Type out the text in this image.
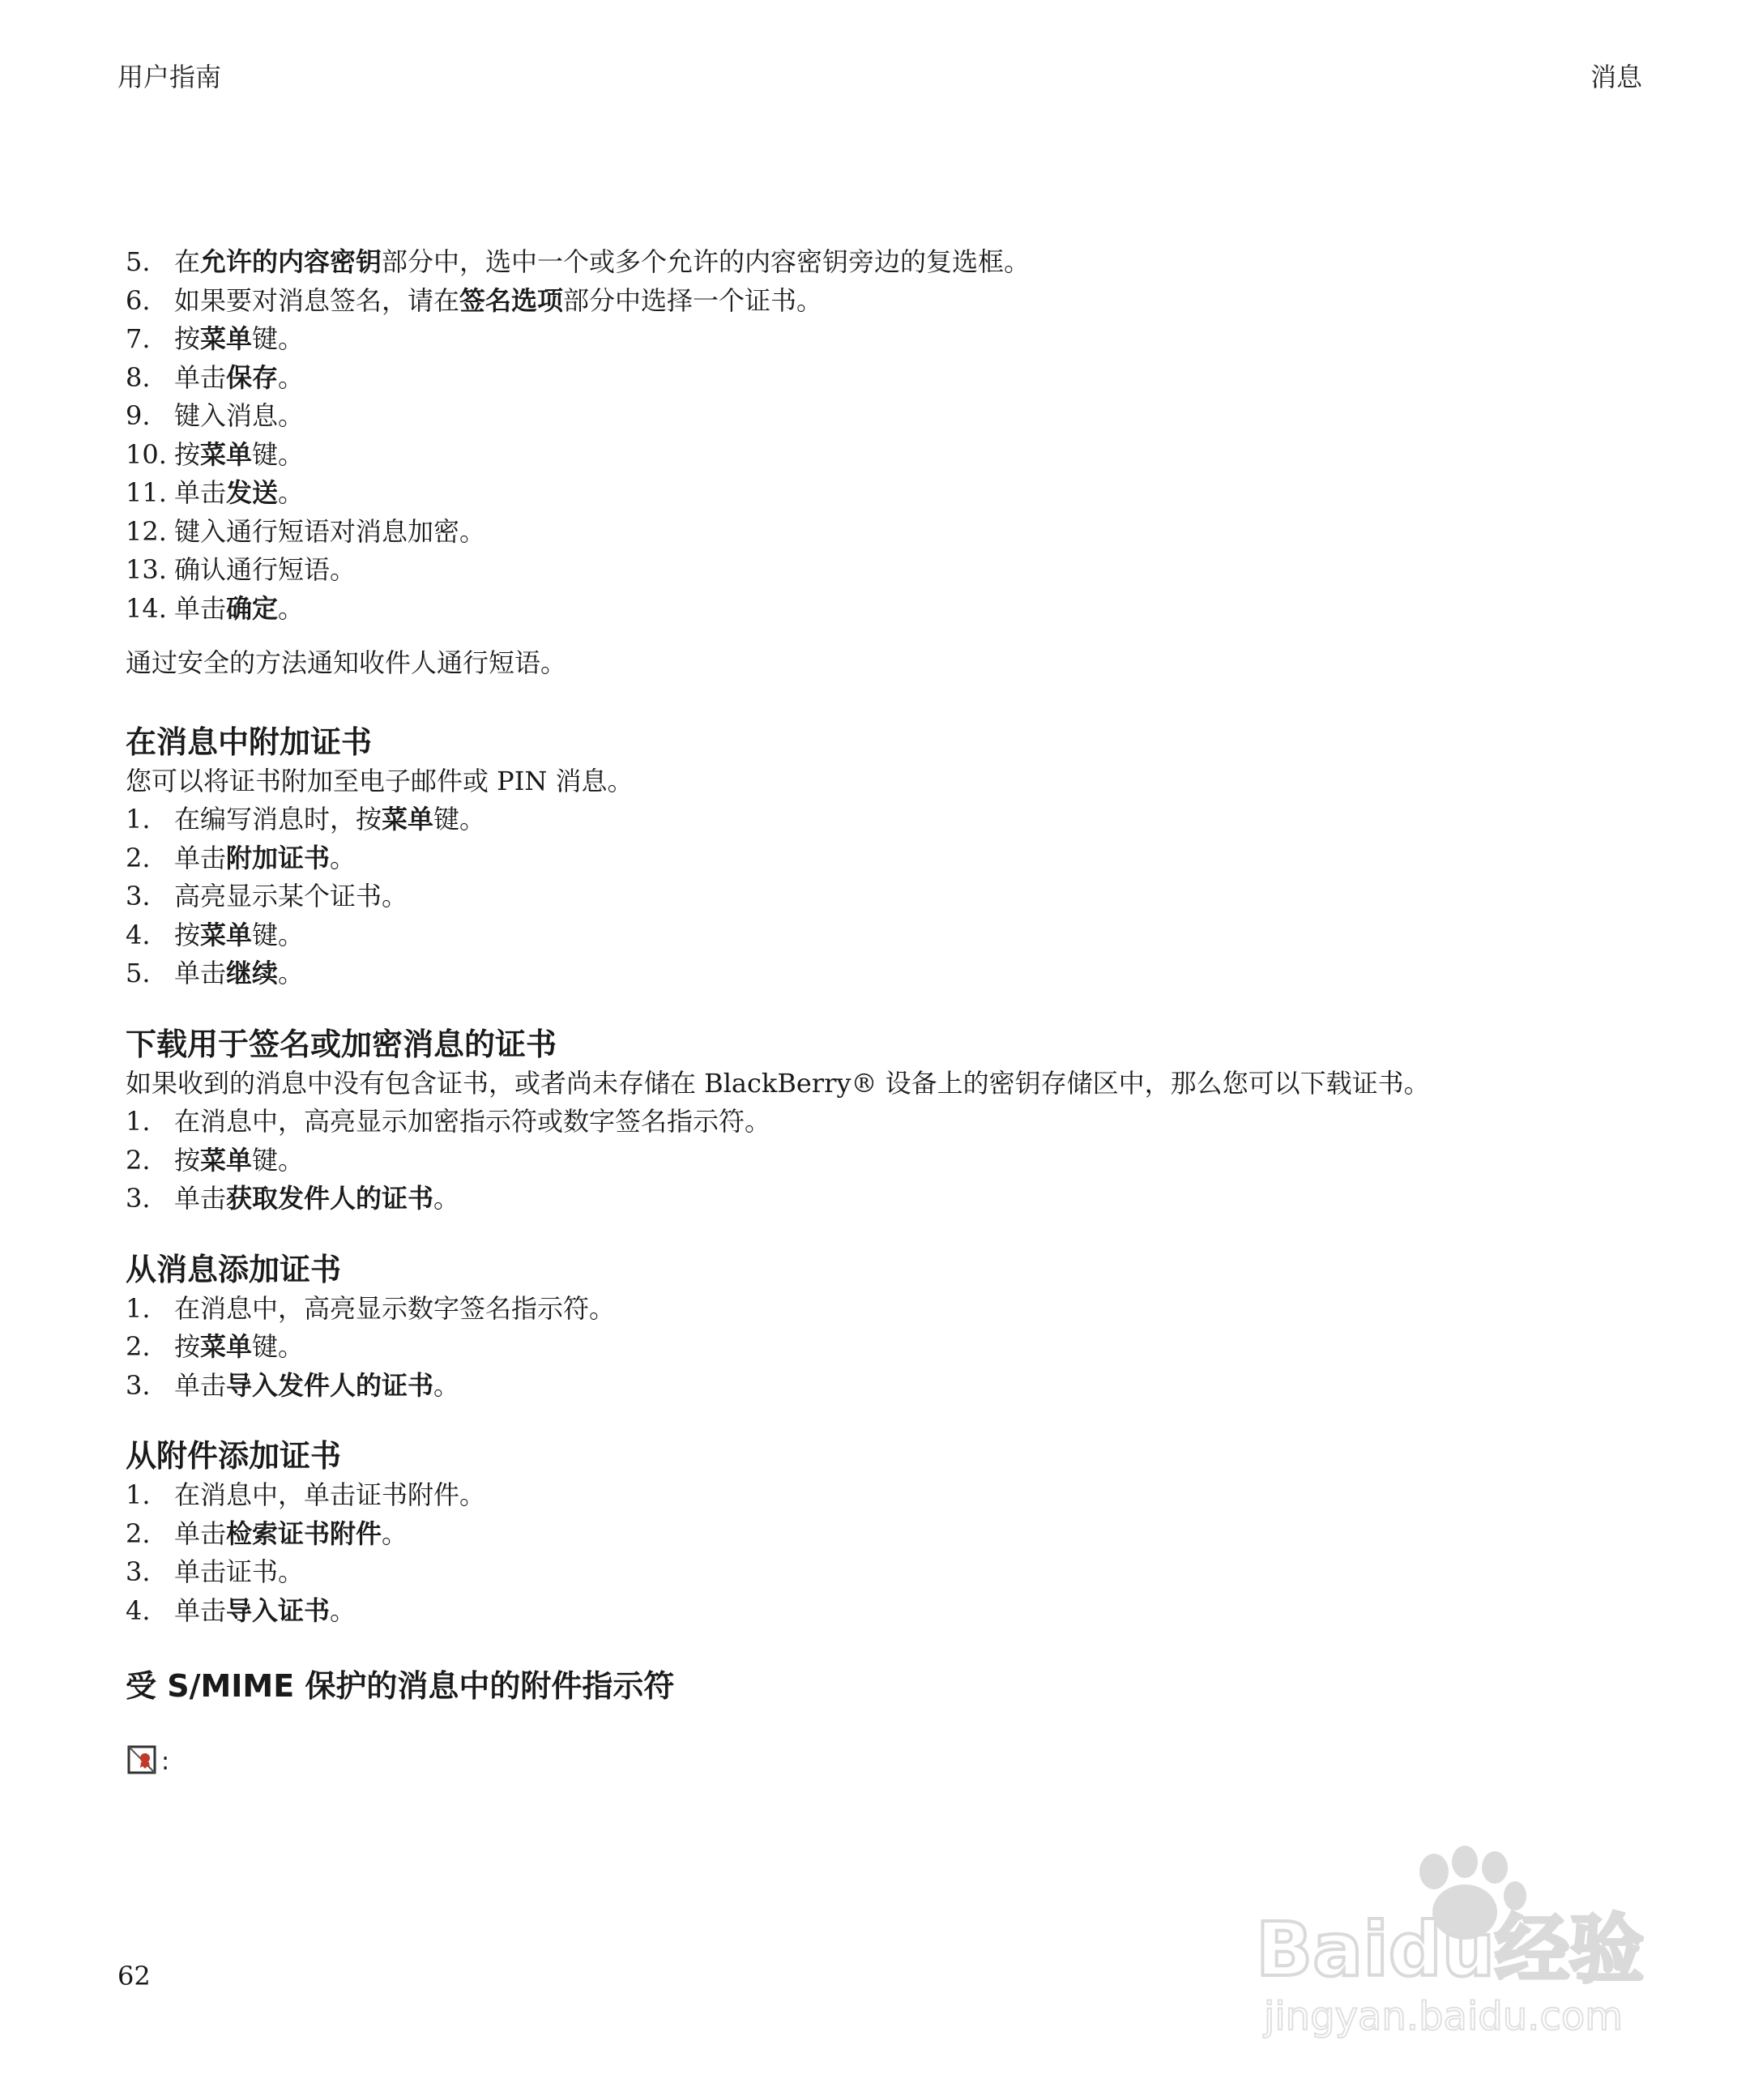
用户指南	消息
5. 在允许的内容密钥部分中，选中一个或多个允许的内容密钥旁边的复选框。
6. 如果要对消息签名，请在签名选项部分中选择一个证书。
7. 按菜单键。
8. 单击保存。
9. 键入消息。
10. 按菜单键。
11. 单击发送。
12. 键入通行短语对消息加密。
13. 确认通行短语。
14. 单击确定。
通过安全的方法通知收件人通行短语。
在消息中附加证书
您可以将证书附加至电子邮件或 PIN 消息。
1. 在编写消息时，按菜单键。
2. 单击附加证书。
3. 高亮显示某个证书。
4. 按菜单键。
5. 单击继续。
下载用于签名或加密消息的证书
如果收到的消息中没有包含证书，或者尚未存储在 BlackBerry® 设备上的密钥存储区中，那么您可以下载证书。
1. 在消息中，高亮显示加密指示符或数字签名指示符。
2. 按菜单键。
3. 单击获取发件人的证书。
从消息添加证书
1. 在消息中，高亮显示数字签名指示符。
2. 按菜单键。
3. 单击导入发件人的证书。
从附件添加证书
1. 在消息中，单击证书附件。
2. 单击检索证书附件。
3. 单击证书。
4. 单击导入证书。
受 S/MIME 保护的消息中的附件指示符
:
62	Baidu经验
jingyan.baidu.com
